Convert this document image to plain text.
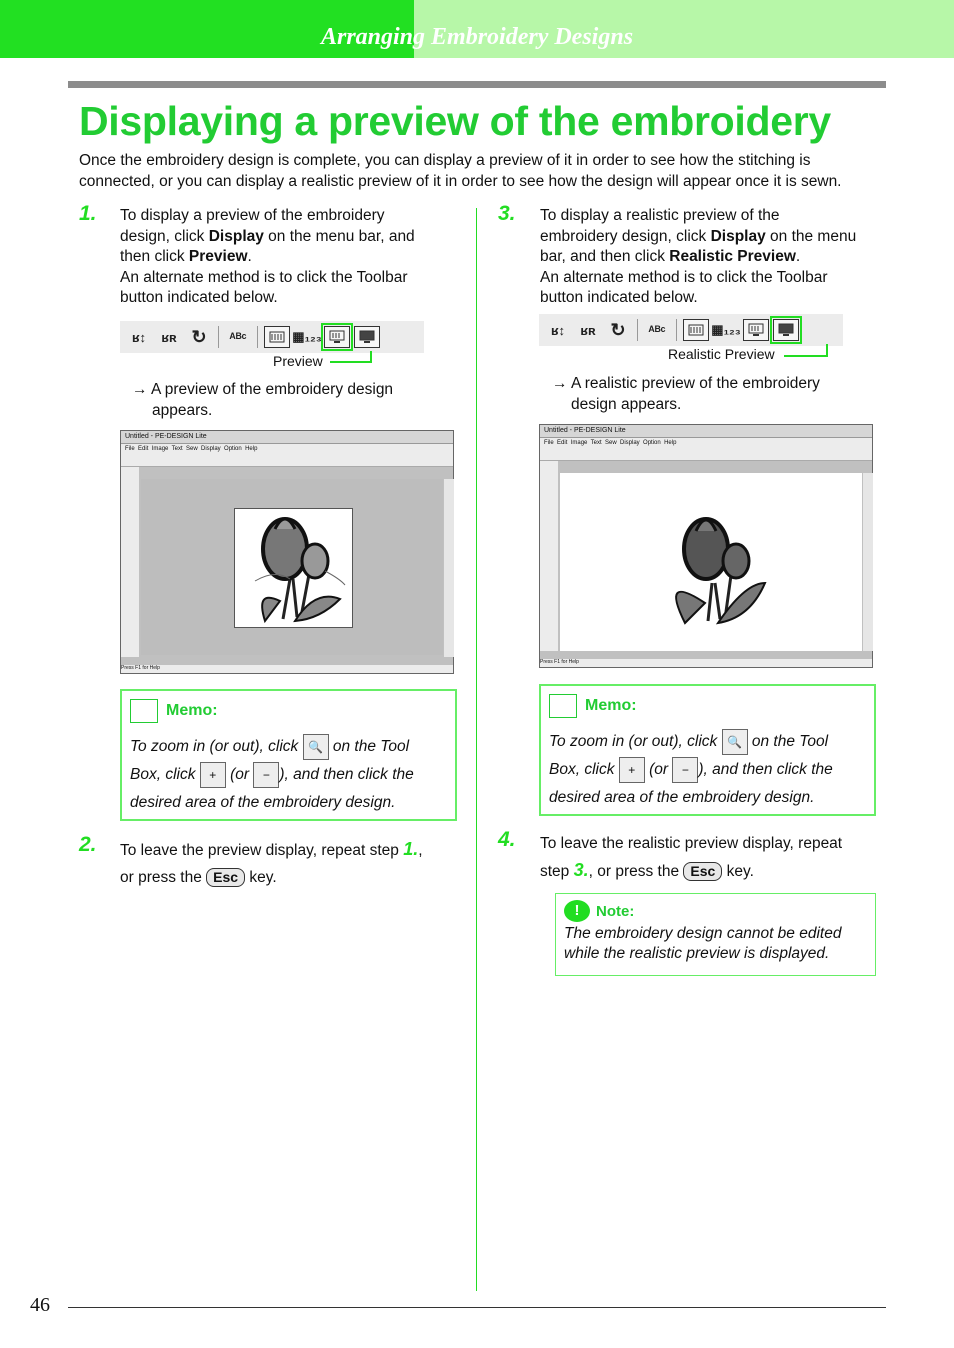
Arranging Embroidery Designs
Displaying a preview of the embroidery
Once the embroidery design is complete, you can display a preview of it in order to see how the stitching is connected, or you can display a realistic preview of it in order to see how the design will appear once it is sewn.
1. To display a preview of the embroidery
design, click Display on the menu bar, and
then click Preview.
An alternate method is to click the Toolbar
button indicated below.
ʁ↕	ʁʀ ↻	ᴬᴮᶜ	▦₁₂₃
Preview
→ A preview of the embroidery design
appears.
Untitled - PE-DESIGN Lite
File Edit Image Text Sew Display Option Help
Press F1 for Help
Memo:
To zoom in (or out), click 🔍 on the Tool
Box, click + (or − ), and then click the
desired area of the embroidery design.
2. To leave the preview display, repeat step 1.,
or press the Esc key.
3. To display a realistic preview of the
embroidery design, click Display on the menu
bar, and then click Realistic Preview.
An alternate method is to click the Toolbar
button indicated below.
ʁ↕	ʁʀ ↻	ᴬᴮᶜ	▦₁₂₃
Realistic Preview
→ A realistic preview of the embroidery
design appears.
Untitled - PE-DESIGN Lite
File Edit Image Text Sew Display Option Help
Press F1 for Help
Memo:
To zoom in (or out), click 🔍 on the Tool
Box, click + (or − ), and then click the
desired area of the embroidery design.
4. To leave the realistic preview display, repeat
step 3., or press the Esc key.
!	Note:
The embroidery design cannot be edited
while the realistic preview is displayed.
46
